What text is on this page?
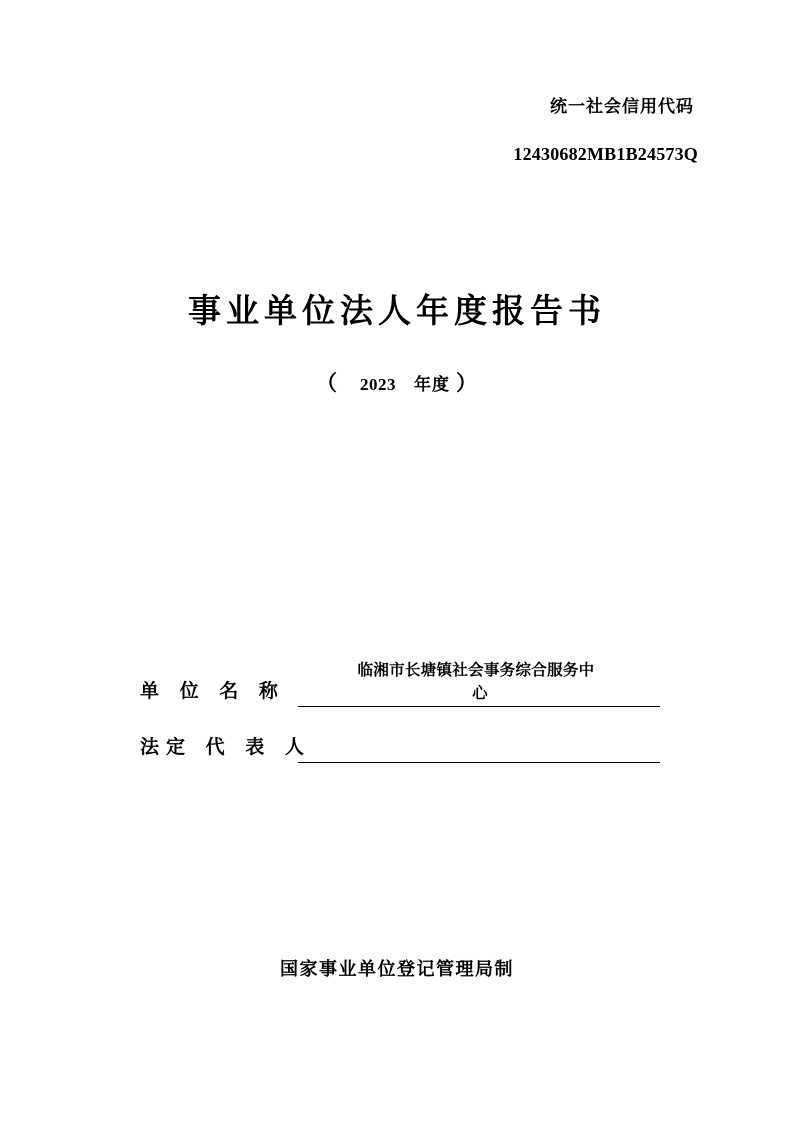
统一社会信用代码
12430682MB1B24573Q
事业单位法人年度报告书
（ 2023 年度 ）
单 位 名 称
临湘市长塘镇社会事务综合服务中
心
法定 代 表 人
国家事业单位登记管理局制
